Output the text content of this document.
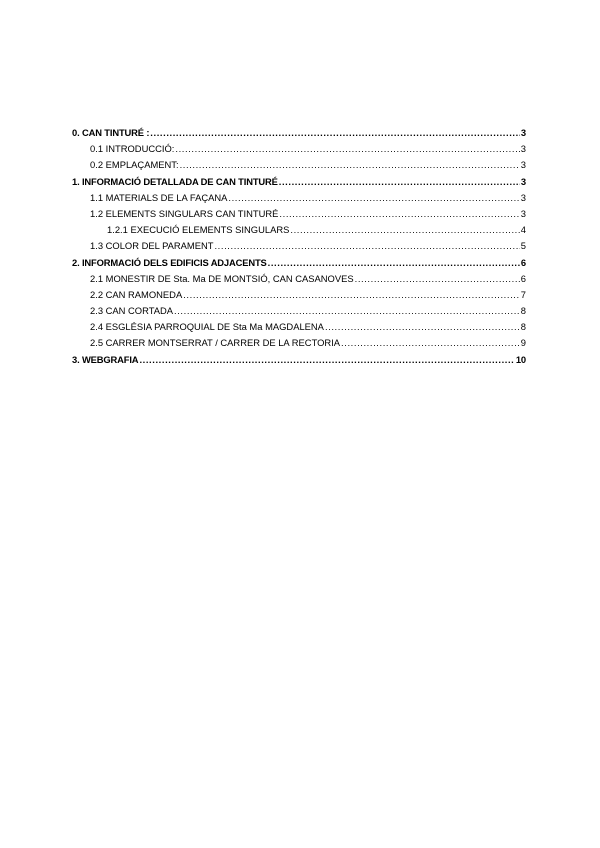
0. CAN TINTURÉ : .....	3
0.1 INTRODUCCIÓ: .....	3
0.2 EMPLAÇAMENT: .....	3
1. INFORMACIÓ DETALLADA DE CAN TINTURÉ .....	3
1.1 MATERIALS DE LA FAÇANA .....	3
1.2 ELEMENTS SINGULARS CAN TINTURÉ .....	3
1.2.1 EXECUCIÓ ELEMENTS SINGULARS .....	4
1.3 COLOR DEL PARAMENT .....	5
2. INFORMACIÓ DELS EDIFICIS ADJACENTS .....	6
2.1 MONESTIR DE Sta. Ma DE MONTSIÓ, CAN CASANOVES .....	6
2.2 CAN RAMONEDA .....	7
2.3 CAN CORTADA .....	8
2.4 ESGLÉSIA PARROQUIAL DE Sta Ma MAGDALENA .....	8
2.5 CARRER MONTSERRAT / CARRER DE LA RECTORIA .....	9
3. WEBGRAFIA .....	10
